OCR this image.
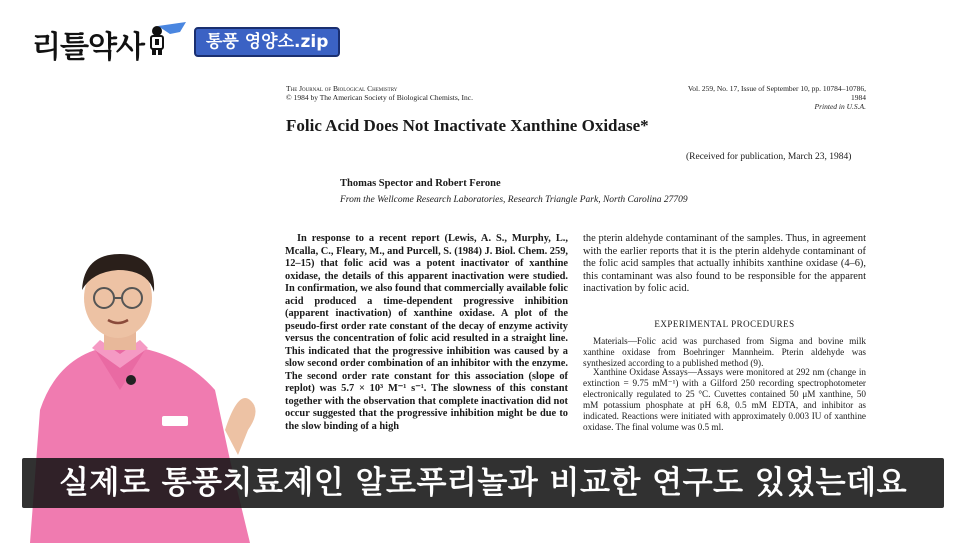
리틀약사	통풍 영양소.zip
The Journal of Biological Chemistry
© 1984 by The American Society of Biological Chemists, Inc.
Vol. 259, No. 17, Issue of September 10, pp. 10784–10786, 1984
Printed in U.S.A.
Folic Acid Does Not Inactivate Xanthine Oxidase*
(Received for publication, March 23, 1984)
Thomas Spector and Robert Ferone
From the Wellcome Research Laboratories, Research Triangle Park, North Carolina 27709
In response to a recent report (Lewis, A. S., Murphy, L., Mcalla, C., Fleary, M., and Purcell, S. (1984) J. Biol. Chem. 259, 12–15) that folic acid was a potent inactivator of xanthine oxidase, the details of this apparent inactivation were studied. In confirmation, we also found that commercially available folic acid produced a time-dependent progressive inhibition (apparent inactivation) of xanthine oxidase. A plot of the pseudo-first order rate constant of the decay of enzyme activity versus the concentration of folic acid resulted in a straight line. This indicated that the progressive inhibition was caused by a slow second order combination of an inhibitor with the enzyme. The second order rate constant for this association (slope of replot) was 5.7 × 10³ M⁻¹ s⁻¹. The slowness of this constant together with the observation that complete inactivation did not occur suggested that the progressive inhibition might be due to the slow binding of a high
the pterin aldehyde contaminant of the samples. Thus, in agreement with the earlier reports that it is the pterin aldehyde contaminant of the folic acid samples that actually inhibits xanthine oxidase (4–6), this contaminant was also found to be responsible for the apparent inactivation by folic acid.
EXPERIMENTAL PROCEDURES
Materials—Folic acid was purchased from Sigma and bovine milk xanthine oxidase from Boehringer Mannheim. Pterin aldehyde was synthesized according to a published method (9).
Xanthine Oxidase Assays—Assays were monitored at 292 nm (change in extinction = 9.75 mM⁻¹) with a Gilford 250 recording spectrophotometer electronically regulated to 25 °C. Cuvettes contained 50 μM xanthine, 50 mM potassium phosphate at pH 6.8, 0.5 mM EDTA, and inhibitor as indicated. Reactions were initiated with approximately 0.003 IU of xanthine oxidase. The final volume was 0.5 ml.
실제로 통풍치료제인 알로푸리놀과 비교한 연구도 있었는데요
